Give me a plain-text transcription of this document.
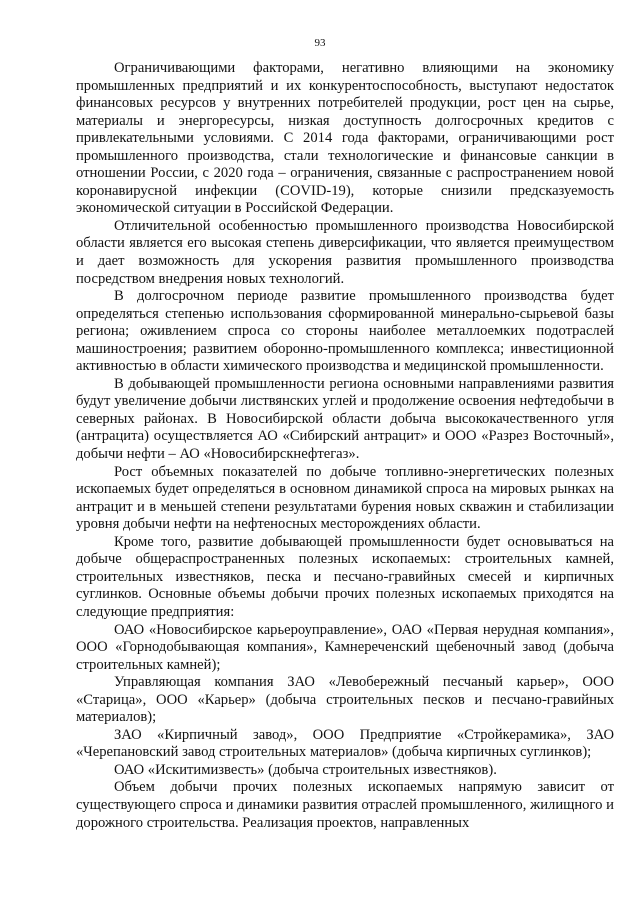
93

Ограничивающими факторами, негативно влияющими на экономику промышленных предприятий и их конкурентоспособность, выступают недостаток финансовых ресурсов у внутренних потребителей продукции, рост цен на сырье, материалы и энергоресурсы, низкая доступность долгосрочных кредитов с привлекательными условиями. С 2014 года факторами, ограничивающими рост промышленного производства, стали технологические и финансовые санкции в отношении России, с 2020 года – ограничения, связанные с распространением новой коронавирусной инфекции (COVID-19), которые снизили предсказуемость экономической ситуации в Российской Федерации.

Отличительной особенностью промышленного производства Новосибирской области является его высокая степень диверсификации, что является преимуществом и дает возможность для ускорения развития промышленного производства посредством внедрения новых технологий.

В долгосрочном периоде развитие промышленного производства будет определяться степенью использования сформированной минерально-сырьевой базы региона; оживлением спроса со стороны наиболее металлоемких подотраслей машиностроения; развитием оборонно-промышленного комплекса; инвестиционной активностью в области химического производства и медицинской промышленности.

В добывающей промышленности региона основными направлениями развития будут увеличение добычи листвянских углей и продолжение освоения нефтедобычи в северных районах. В Новосибирской области добыча высококачественного угля (антрацита) осуществляется АО «Сибирский антрацит» и ООО «Разрез Восточный», добычи нефти – АО «Новосибирскнефтегаз».

Рост объемных показателей по добыче топливно-энергетических полезных ископаемых будет определяться в основном динамикой спроса на мировых рынках на антрацит и в меньшей степени результатами бурения новых скважин и стабилизации уровня добычи нефти на нефтеносных месторождениях области.

Кроме того, развитие добывающей промышленности будет основываться на добыче общераспространенных полезных ископаемых: строительных камней, строительных известняков, песка и песчано-гравийных смесей и кирпичных суглинков. Основные объемы добычи прочих полезных ископаемых приходятся на следующие предприятия:

ОАО «Новосибирское карьероуправление», ОАО «Первая нерудная компания», ООО «Горнодобывающая компания», Камнереченский щебеночный завод (добыча строительных камней);

Управляющая компания ЗАО «Левобережный песчаный карьер», ООО «Старица», ООО «Карьер» (добыча строительных песков и песчано-гравийных материалов);

ЗАО «Кирпичный завод», ООО Предприятие «Стройкерамика», ЗАО «Черепановский завод строительных материалов» (добыча кирпичных суглинков);

ОАО «Искитимизвесть» (добыча строительных известняков).

Объем добычи прочих полезных ископаемых напрямую зависит от существующего спроса и динамики развития отраслей промышленного, жилищного и дорожного строительства. Реализация проектов, направленных
